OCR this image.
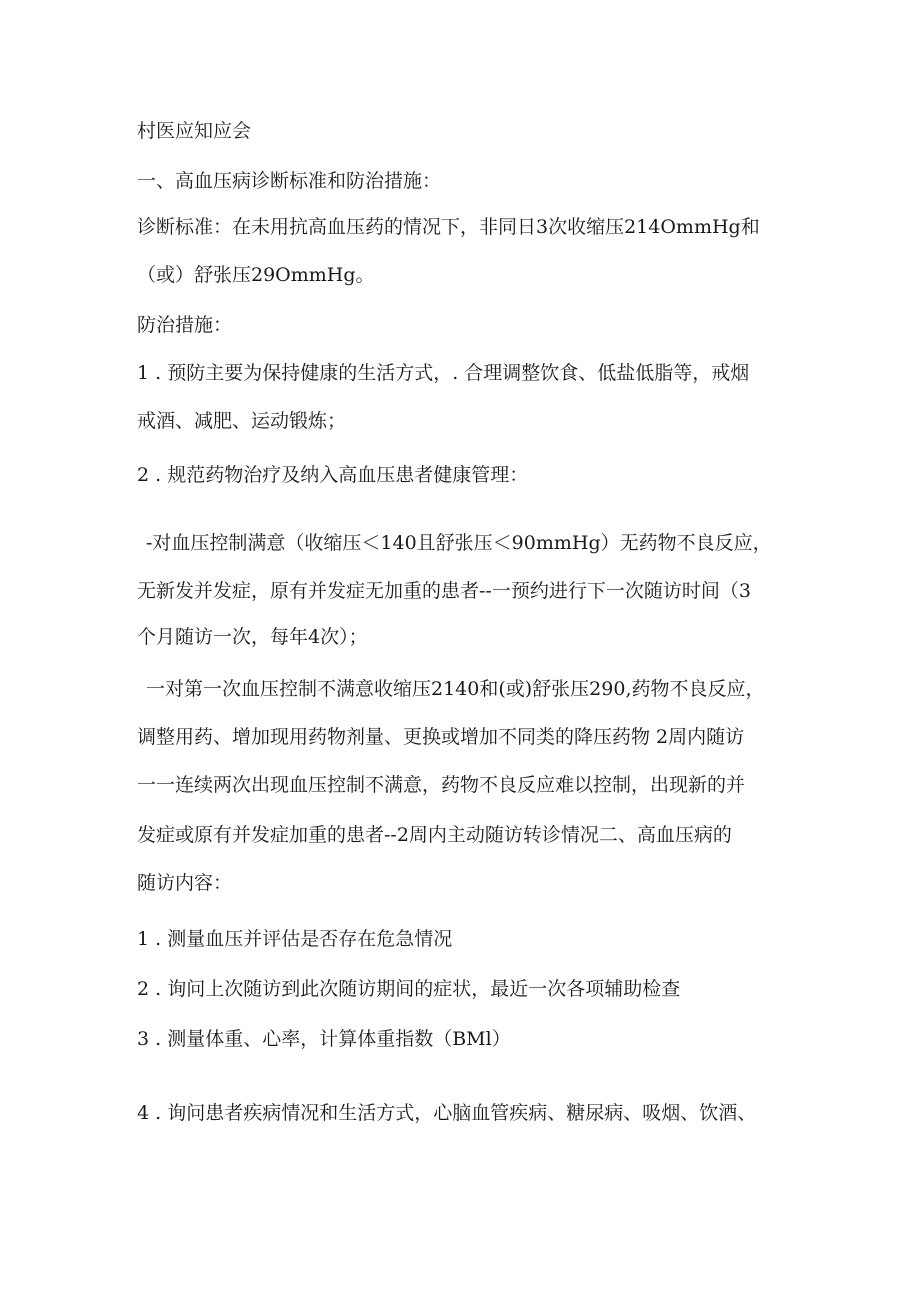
村医应知应会
一、高血压病诊断标准和防治措施：
诊断标准：在未用抗高血压药的情况下，非同日3次收缩压214OmmHg和
（或）舒张压29OmmHg。
防治措施：
1 . 预防主要为保持健康的生活方式，. 合理调整饮食、低盐低脂等，戒烟
戒酒、减肥、运动锻炼；
2 . 规范药物治疗及纳入高血压患者健康管理：
-对血压控制满意（收缩压＜140且舒张压＜90mmHg）无药物不良反应，
无新发并发症，原有并发症无加重的患者--一预约进行下一次随访时间（3
个月随访一次，每年4次）；
一对第一次血压控制不满意收缩压2140和(或)舒张压290,药物不良反应，
调整用药、增加现用药物剂量、更换或增加不同类的降压药物 2周内随访
一一连续两次出现血压控制不满意，药物不良反应难以控制，出现新的并
发症或原有并发症加重的患者--2周内主动随访转诊情况二、高血压病的
随访内容：
1 . 测量血压并评估是否存在危急情况
2 . 询问上次随访到此次随访期间的症状，最近一次各项辅助检查
3 . 测量体重、心率，计算体重指数（BMl）
4 . 询问患者疾病情况和生活方式，心脑血管疾病、糖尿病、吸烟、饮酒、
